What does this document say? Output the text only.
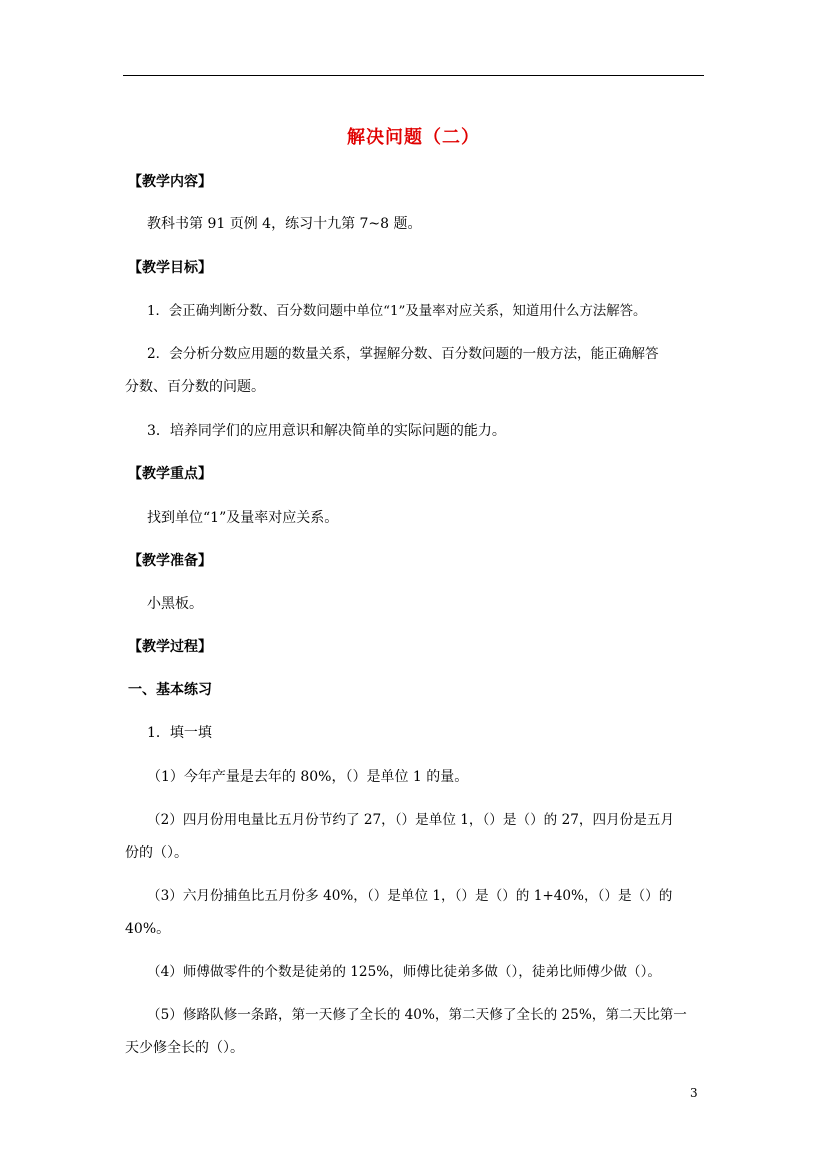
解决问题（二）
【教学内容】
教科书第 91 页例 4，练习十九第 7~8 题。
【教学目标】
1．会正确判断分数、百分数问题中单位“1”及量率对应关系，知道用什么方法解答。
2．会分析分数应用题的数量关系，掌握解分数、百分数问题的一般方法，能正确解答
分数、百分数的问题。
3．培养同学们的应用意识和解决简单的实际问题的能力。
【教学重点】
找到单位“1”及量率对应关系。
【教学准备】
小黑板。
【教学过程】
一、基本练习
1．填一填
（1）今年产量是去年的 80%，（）是单位 1 的量。
（2）四月份用电量比五月份节约了 27，（）是单位 1，（）是（）的 27，四月份是五月
份的（）。
（3）六月份捕鱼比五月份多 40%，（）是单位 1，（）是（）的 1+40%，（）是（）的
40%。
（4）师傅做零件的个数是徒弟的 125%，师傅比徒弟多做（），徒弟比师傅少做（）。
（5）修路队修一条路，第一天修了全长的 40%，第二天修了全长的 25%，第二天比第一
天少修全长的（）。
3
